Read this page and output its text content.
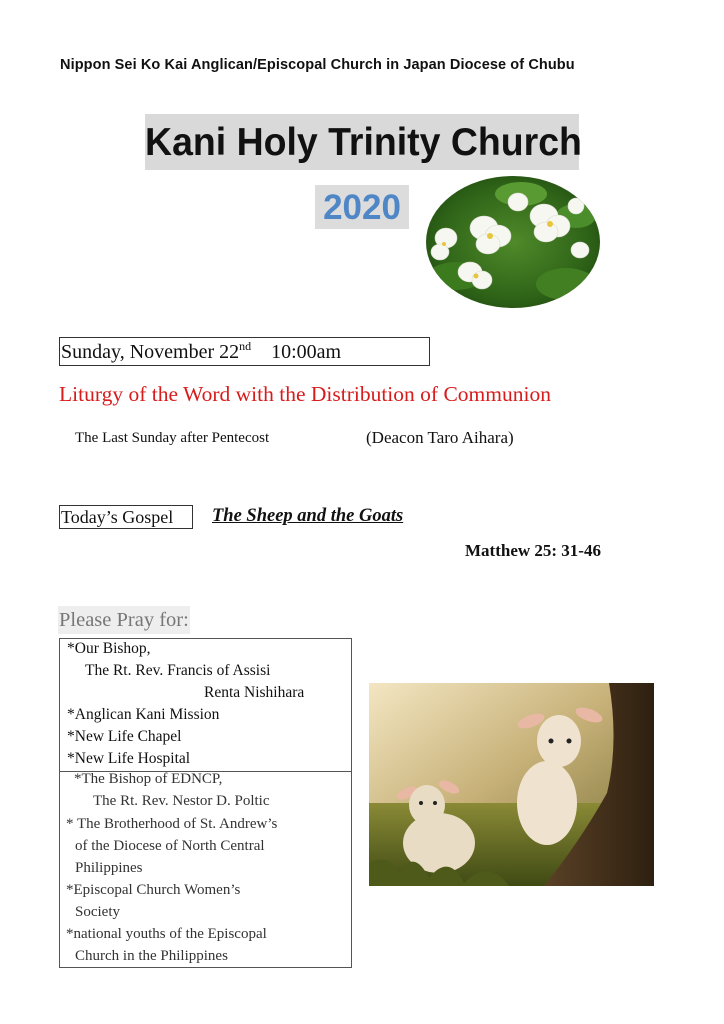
Nippon Sei Ko Kai Anglican/Episcopal Church in Japan Diocese of Chubu
Kani Holy Trinity Church
2020
Sunday, November 22nd 10:00am
Liturgy of the Word with the Distribution of Communion
The Last Sunday after Pentecost	(Deacon Taro Aihara)
Today’s Gospel	The Sheep and the Goats
Matthew 25: 31-46
Please Pray for:
*Our Bishop,
The Rt. Rev. Francis of Assisi
Renta Nishihara
*Anglican Kani Mission
*New Life Chapel
*New Life Hospital
*The Bishop of EDNCP,
The Rt. Rev. Nestor D. Poltic
* The Brotherhood of St. Andrew’s
of the Diocese of North Central
Philippines
*Episcopal Church Women’s
Society
*national youths of the Episcopal
Church in the Philippines
